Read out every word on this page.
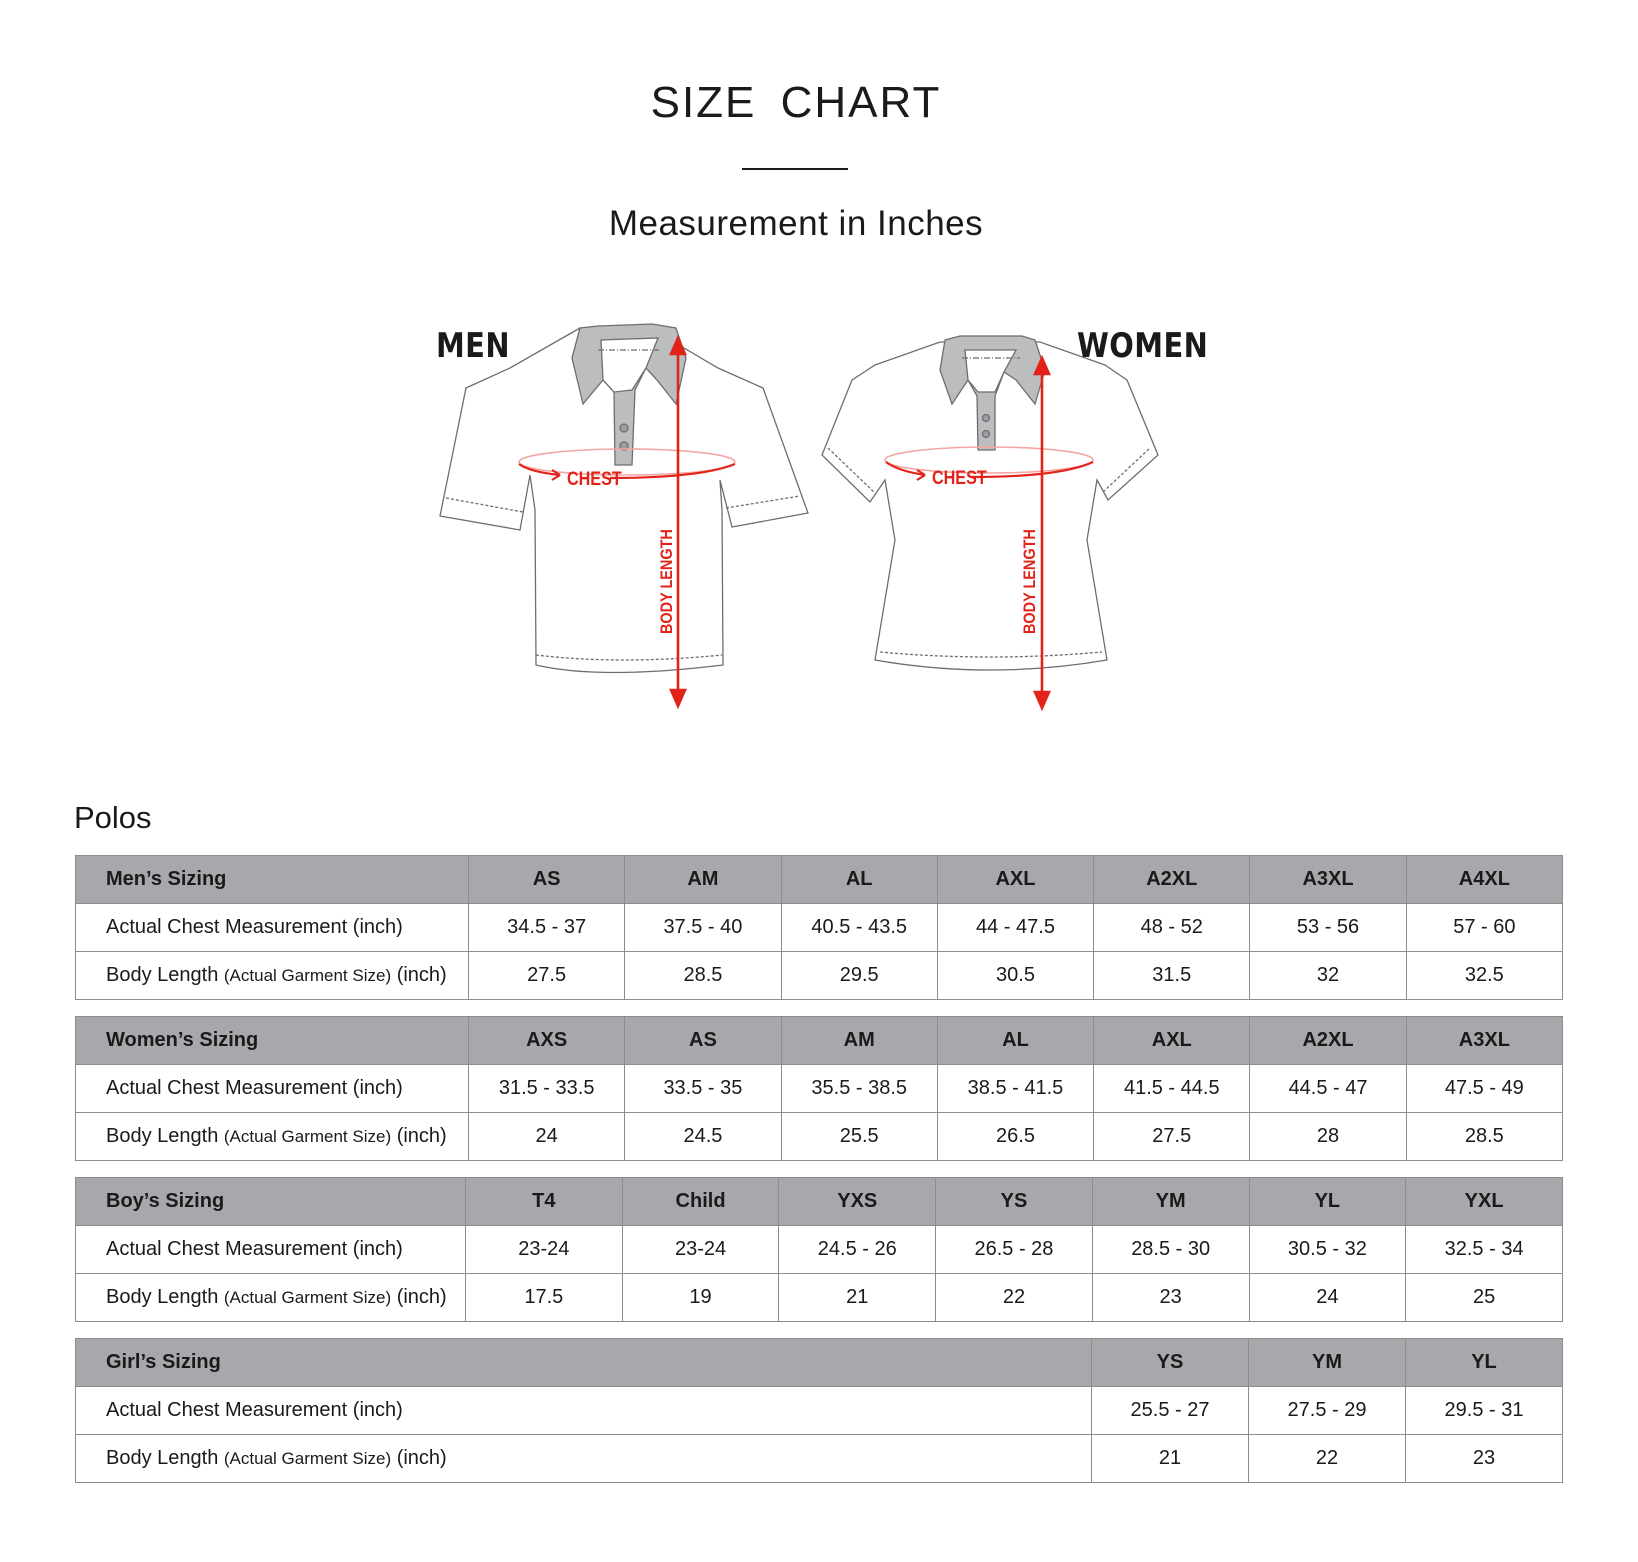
SIZE CHART
Measurement in Inches
CHEST	CHEST
BODY LENGTH	BODY LENGTH
MEN	WOMEN
Polos
Men’s Sizing	AS	AM	AL	AXL	A2XL	A3XL	A4XL
Actual Chest Measurement (inch)	34.5 - 37	37.5 - 40	40.5 - 43.5	44 - 47.5	48 - 52	53 - 56	57 - 60
Body Length (Actual Garment Size) (inch)	27.5	28.5	29.5	30.5	31.5	32	32.5
Women’s Sizing	AXS	AS	AM	AL	AXL	A2XL	A3XL
Actual Chest Measurement (inch)	31.5 - 33.5	33.5 - 35	35.5 - 38.5	38.5 - 41.5	41.5 - 44.5	44.5 - 47	47.5 - 49
Body Length (Actual Garment Size) (inch)	24	24.5	25.5	26.5	27.5	28	28.5
Boy’s Sizing	T4	Child	YXS	YS	YM	YL	YXL
Actual Chest Measurement (inch)	23-24	23-24	24.5 - 26	26.5 - 28	28.5 - 30	30.5 - 32	32.5 - 34
Body Length (Actual Garment Size) (inch)	17.5	19	21	22	23	24	25
Girl’s Sizing	YS	YM	YL
Actual Chest Measurement (inch)	25.5 - 27	27.5 - 29	29.5 - 31
Body Length (Actual Garment Size) (inch)	21	22	23
